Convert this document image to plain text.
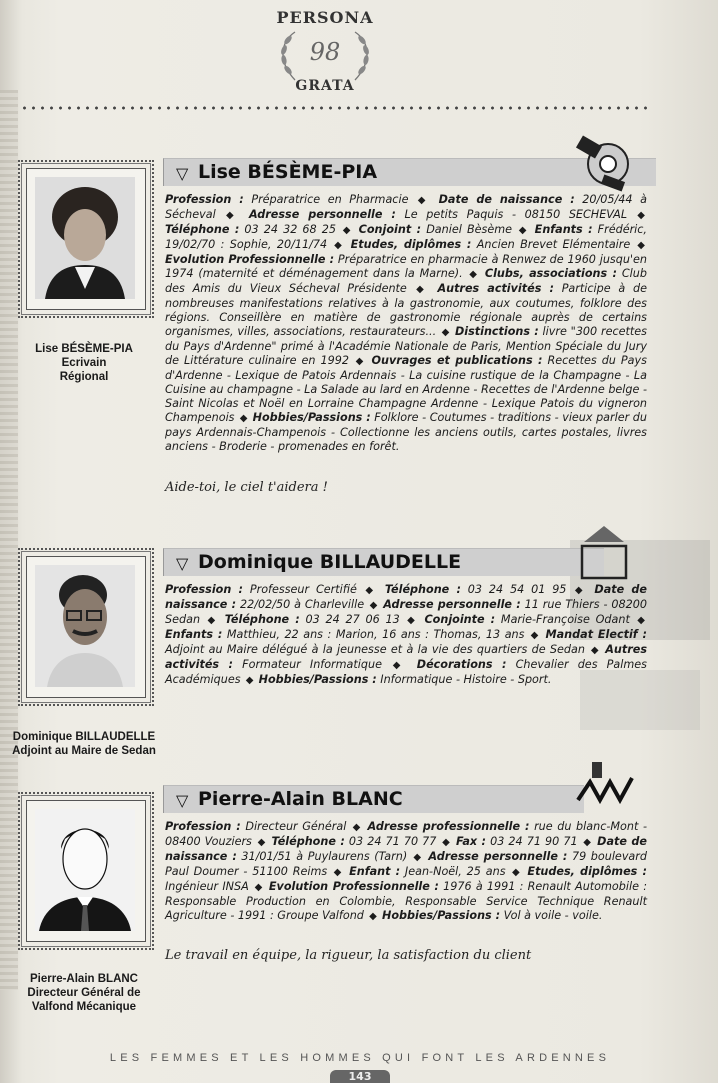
PERSONA
98
GRATA
Lise BÉSÈME-PIA
Ecrivain
Régional
▽ Lise BÉSÈME-PIA
Profession : Préparatrice en Pharmacie ◆ Date de naissance : 20/05/44 à Sécheval ◆ Adresse personnelle : Le petits Paquis - 08150 SECHEVAL ◆ Téléphone : 03 24 32 68 25 ◆ Conjoint : Daniel Bèsème ◆ Enfants : Frédéric, 19/02/70 : Sophie, 20/11/74 ◆ Etudes, diplômes : Ancien Brevet Elémentaire ◆ Evolution Professionnelle : Préparatrice en pharmacie à Renwez de 1960 jusqu'en 1974 (maternité et déménagement dans la Marne). ◆ Clubs, associations : Club des Amis du Vieux Sécheval Présidente ◆ Autres activités : Participe à de nombreuses manifestations relatives à la gastronomie, aux coutumes, folklore des régions. Conseillère en matière de gastronomie régionale auprès de certains organismes, villes, associations, restaurateurs... ◆ Distinctions : livre "300 recettes du Pays d'Ardenne" primé à l'Académie Nationale de Paris, Mention Spéciale du Jury de Littérature culinaire en 1992 ◆ Ouvrages et publications : Recettes du Pays d'Ardenne - Lexique de Patois Ardennais - La cuisine rustique de la Champagne - La Cuisine au champagne - La Salade au lard en Ardenne - Recettes de l'Ardenne belge - Saint Nicolas et Noël en Lorraine Champagne Ardenne - Lexique Patois du vigneron Champenois ◆ Hobbies/Passions : Folklore - Coutumes - traditions - vieux parler du pays Ardennais-Champenois - Collectionne les anciens outils, cartes postales, livres anciens - Broderie - promenades en forêt.
Aide-toi, le ciel t'aidera !
Dominique BILLAUDELLE
Adjoint au Maire de Sedan
▽ Dominique BILLAUDELLE
Profession : Professeur Certifié ◆ Téléphone : 03 24 54 01 95 ◆ Date de naissance : 22/02/50 à Charleville ◆ Adresse personnelle : 11 rue Thiers - 08200 Sedan ◆ Téléphone : 03 24 27 06 13 ◆ Conjointe : Marie-Françoise Odant ◆ Enfants : Matthieu, 22 ans : Marion, 16 ans : Thomas, 13 ans ◆ Mandat Electif : Adjoint au Maire délégué à la jeunesse et à la vie des quartiers de Sedan ◆ Autres activités : Formateur Informatique ◆ Décorations : Chevalier des Palmes Académiques ◆ Hobbies/Passions : Informatique - Histoire - Sport.
Pierre-Alain BLANC
Directeur Général de
Valfond Mécanique
▽ Pierre-Alain BLANC
Profession : Directeur Général ◆ Adresse professionnelle : rue du blanc-Mont - 08400 Vouziers ◆ Téléphone : 03 24 71 70 77 ◆ Fax : 03 24 71 90 71 ◆ Date de naissance : 31/01/51 à Puylaurens (Tarn) ◆ Adresse personnelle : 79 boulevard Paul Doumer - 51100 Reims ◆ Enfant : Jean-Noël, 25 ans ◆ Etudes, diplômes : Ingénieur INSA ◆ Evolution Professionnelle : 1976 à 1991 : Renault Automobile : Responsable Production en Colombie, Responsable Service Technique Renault Agriculture - 1991 : Groupe Valfond ◆ Hobbies/Passions : Vol à voile - voile.
Le travail en équipe, la rigueur, la satisfaction du client
LES FEMMES ET LES HOMMES QUI FONT LES ARDENNES
143
